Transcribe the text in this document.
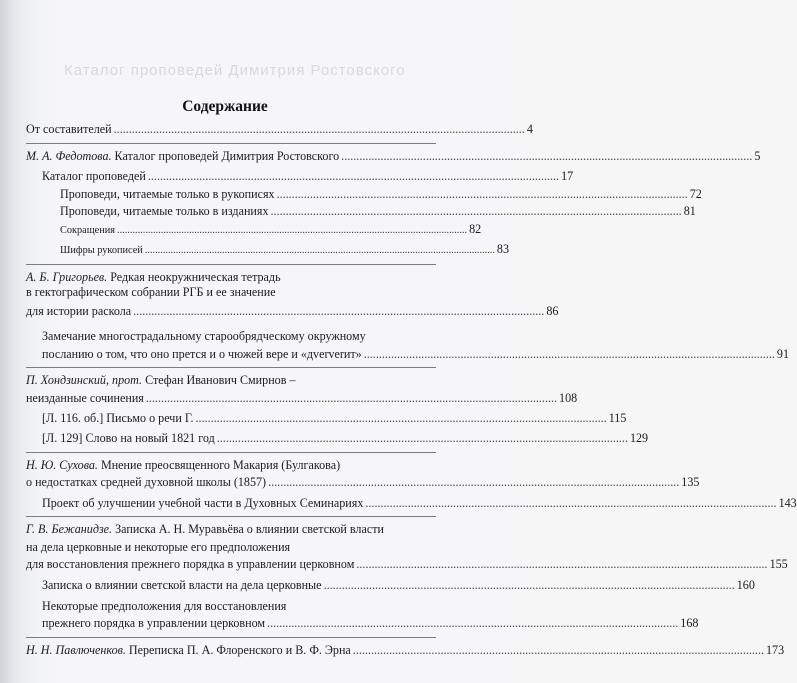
Каталог проповедей Димитрия Ростовского
Содержание
От составителей ........................................................................................................................................ 4
М. А. Федотова. Каталог проповедей Димитрия Ростовского ........................................................................................................................................ 5
Каталог проповедей ........................................................................................................................................ 17
Проповеди, читаемые только в рукописях ........................................................................................................................................ 72
Проповеди, читаемые только в изданиях ........................................................................................................................................ 81
Сокращения ........................................................................................................................................ 82
Шифры рукописей ........................................................................................................................................ 83
А. Б. Григорьев. Редкая неокружническая тетрадь
в гектографическом собрании РГБ и ее значение
для истории раскола ........................................................................................................................................ 86
Замечание многострадальному старообрядческому окружному
посланию о том, что оно прется и о чюжей вере и «дververит» ........................................................................................................................................ 91
П. Хондзинский, прот. Стефан Иванович Смирнов –
неизданные сочинения ........................................................................................................................................ 108
[Л. 116. об.] Письмо о речи Г. ........................................................................................................................................ 115
[Л. 129] Слово на новый 1821 год ........................................................................................................................................ 129
Н. Ю. Сухова. Мнение преосвященного Макария (Булгакова)
о недостатках средней духовной школы (1857) ........................................................................................................................................ 135
Проект об улучшении учебной части в Духовных Семинариях ........................................................................................................................................ 143
Г. В. Бежанидзе. Записка А. Н. Муравьёва о влиянии светской власти
на дела церковные и некоторые его предположения
для восстановления прежнего порядка в управлении церковном ........................................................................................................................................ 155
Записка о влиянии светской власти на дела церковные ........................................................................................................................................ 160
Некоторые предположения для восстановления
прежнего порядка в управлении церковном ........................................................................................................................................ 168
Н. Н. Павлюченков. Переписка П. А. Флоренского и В. Ф. Эрна ........................................................................................................................................ 173
